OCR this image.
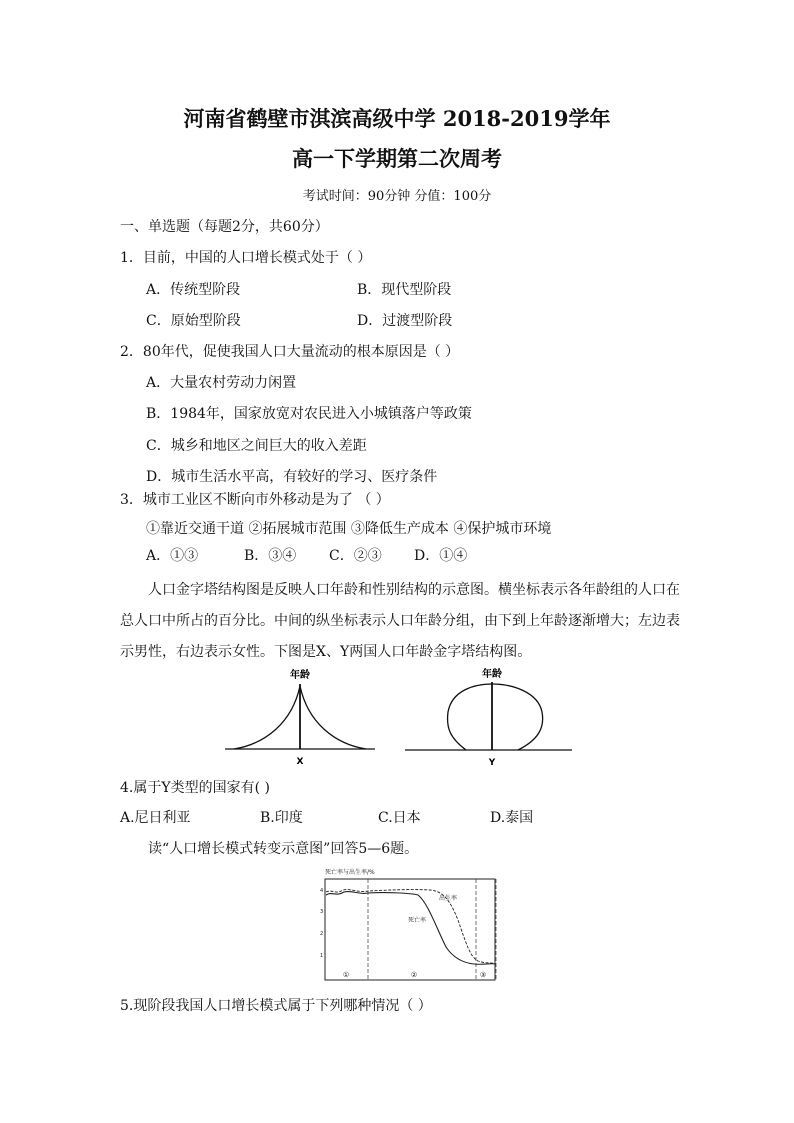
河南省鹤壁市淇滨高级中学 2018-2019学年
高一下学期第二次周考
考试时间：90分钟 分值：100分
一、单选题（每题2分，共60分）
1．目前，中国的人口增长模式处于（ ）
A．传统型阶段	B．现代型阶段
C．原始型阶段	D．过渡型阶段
2．80年代，促使我国人口大量流动的根本原因是（ ）
A．大量农村劳动力闲置
B．1984年，国家放宽对农民进入小城镇落户等政策
C．城乡和地区之间巨大的收入差距
D．城市生活水平高，有较好的学习、医疗条件
3．城市工业区不断向市外移动是为了 （ ）
①靠近交通干道 ②拓展城市范围 ③降低生产成本 ④保护城市环境
A．①③	B．③④ C．②③ D．①④
人口金字塔结构图是反映人口年龄和性别结构的示意图。横坐标表示各年龄组的人口在总人口中所占的百分比。中间的纵坐标表示人口年龄分组，由下到上年龄逐渐增大；左边表示男性，右边表示女性。下图是X、Y两国人口年龄金字塔结构图。
年龄
X
年龄
Y
4.属于Y类型的国家有( )
A.尼日利亚	B.印度	C.日本	D.泰国
读“人口增长模式转变示意图”回答5—6题。
死亡率与出生率/%
4
3
2
1
出生率
死亡率
①	②	③
5.现阶段我国人口增长模式属于下列哪种情况（ ）
